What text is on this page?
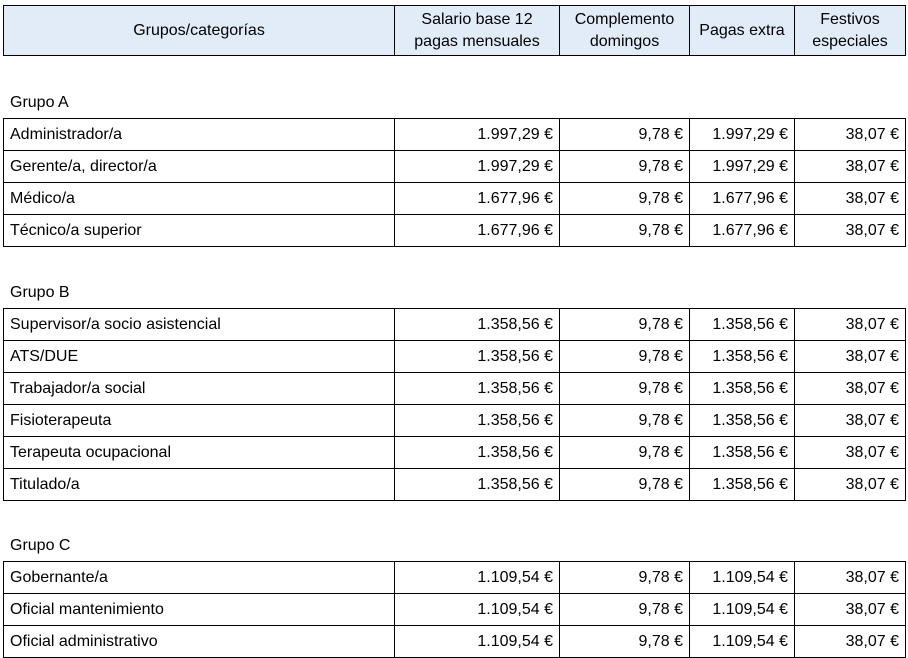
Grupos/categorías	Salario base 12 pagas mensuales	Complemento domingos	Pagas extra	Festivos especiales
Grupo A
Administrador/a	1.997,29 €	9,78 €	1.997,29 €	38,07 €
Gerente/a, director/a	1.997,29 €	9,78 €	1.997,29 €	38,07 €
Médico/a	1.677,96 €	9,78 €	1.677,96 €	38,07 €
Técnico/a superior	1.677,96 €	9,78 €	1.677,96 €	38,07 €
Grupo B
Supervisor/a socio asistencial	1.358,56 €	9,78 €	1.358,56 €	38,07 €
ATS/DUE	1.358,56 €	9,78 €	1.358,56 €	38,07 €
Trabajador/a social	1.358,56 €	9,78 €	1.358,56 €	38,07 €
Fisioterapeuta	1.358,56 €	9,78 €	1.358,56 €	38,07 €
Terapeuta ocupacional	1.358,56 €	9,78 €	1.358,56 €	38,07 €
Titulado/a	1.358,56 €	9,78 €	1.358,56 €	38,07 €
Grupo C
Gobernante/a	1.109,54 €	9,78 €	1.109,54 €	38,07 €
Oficial mantenimiento	1.109,54 €	9,78 €	1.109,54 €	38,07 €
Oficial administrativo	1.109,54 €	9,78 €	1.109,54 €	38,07 €
